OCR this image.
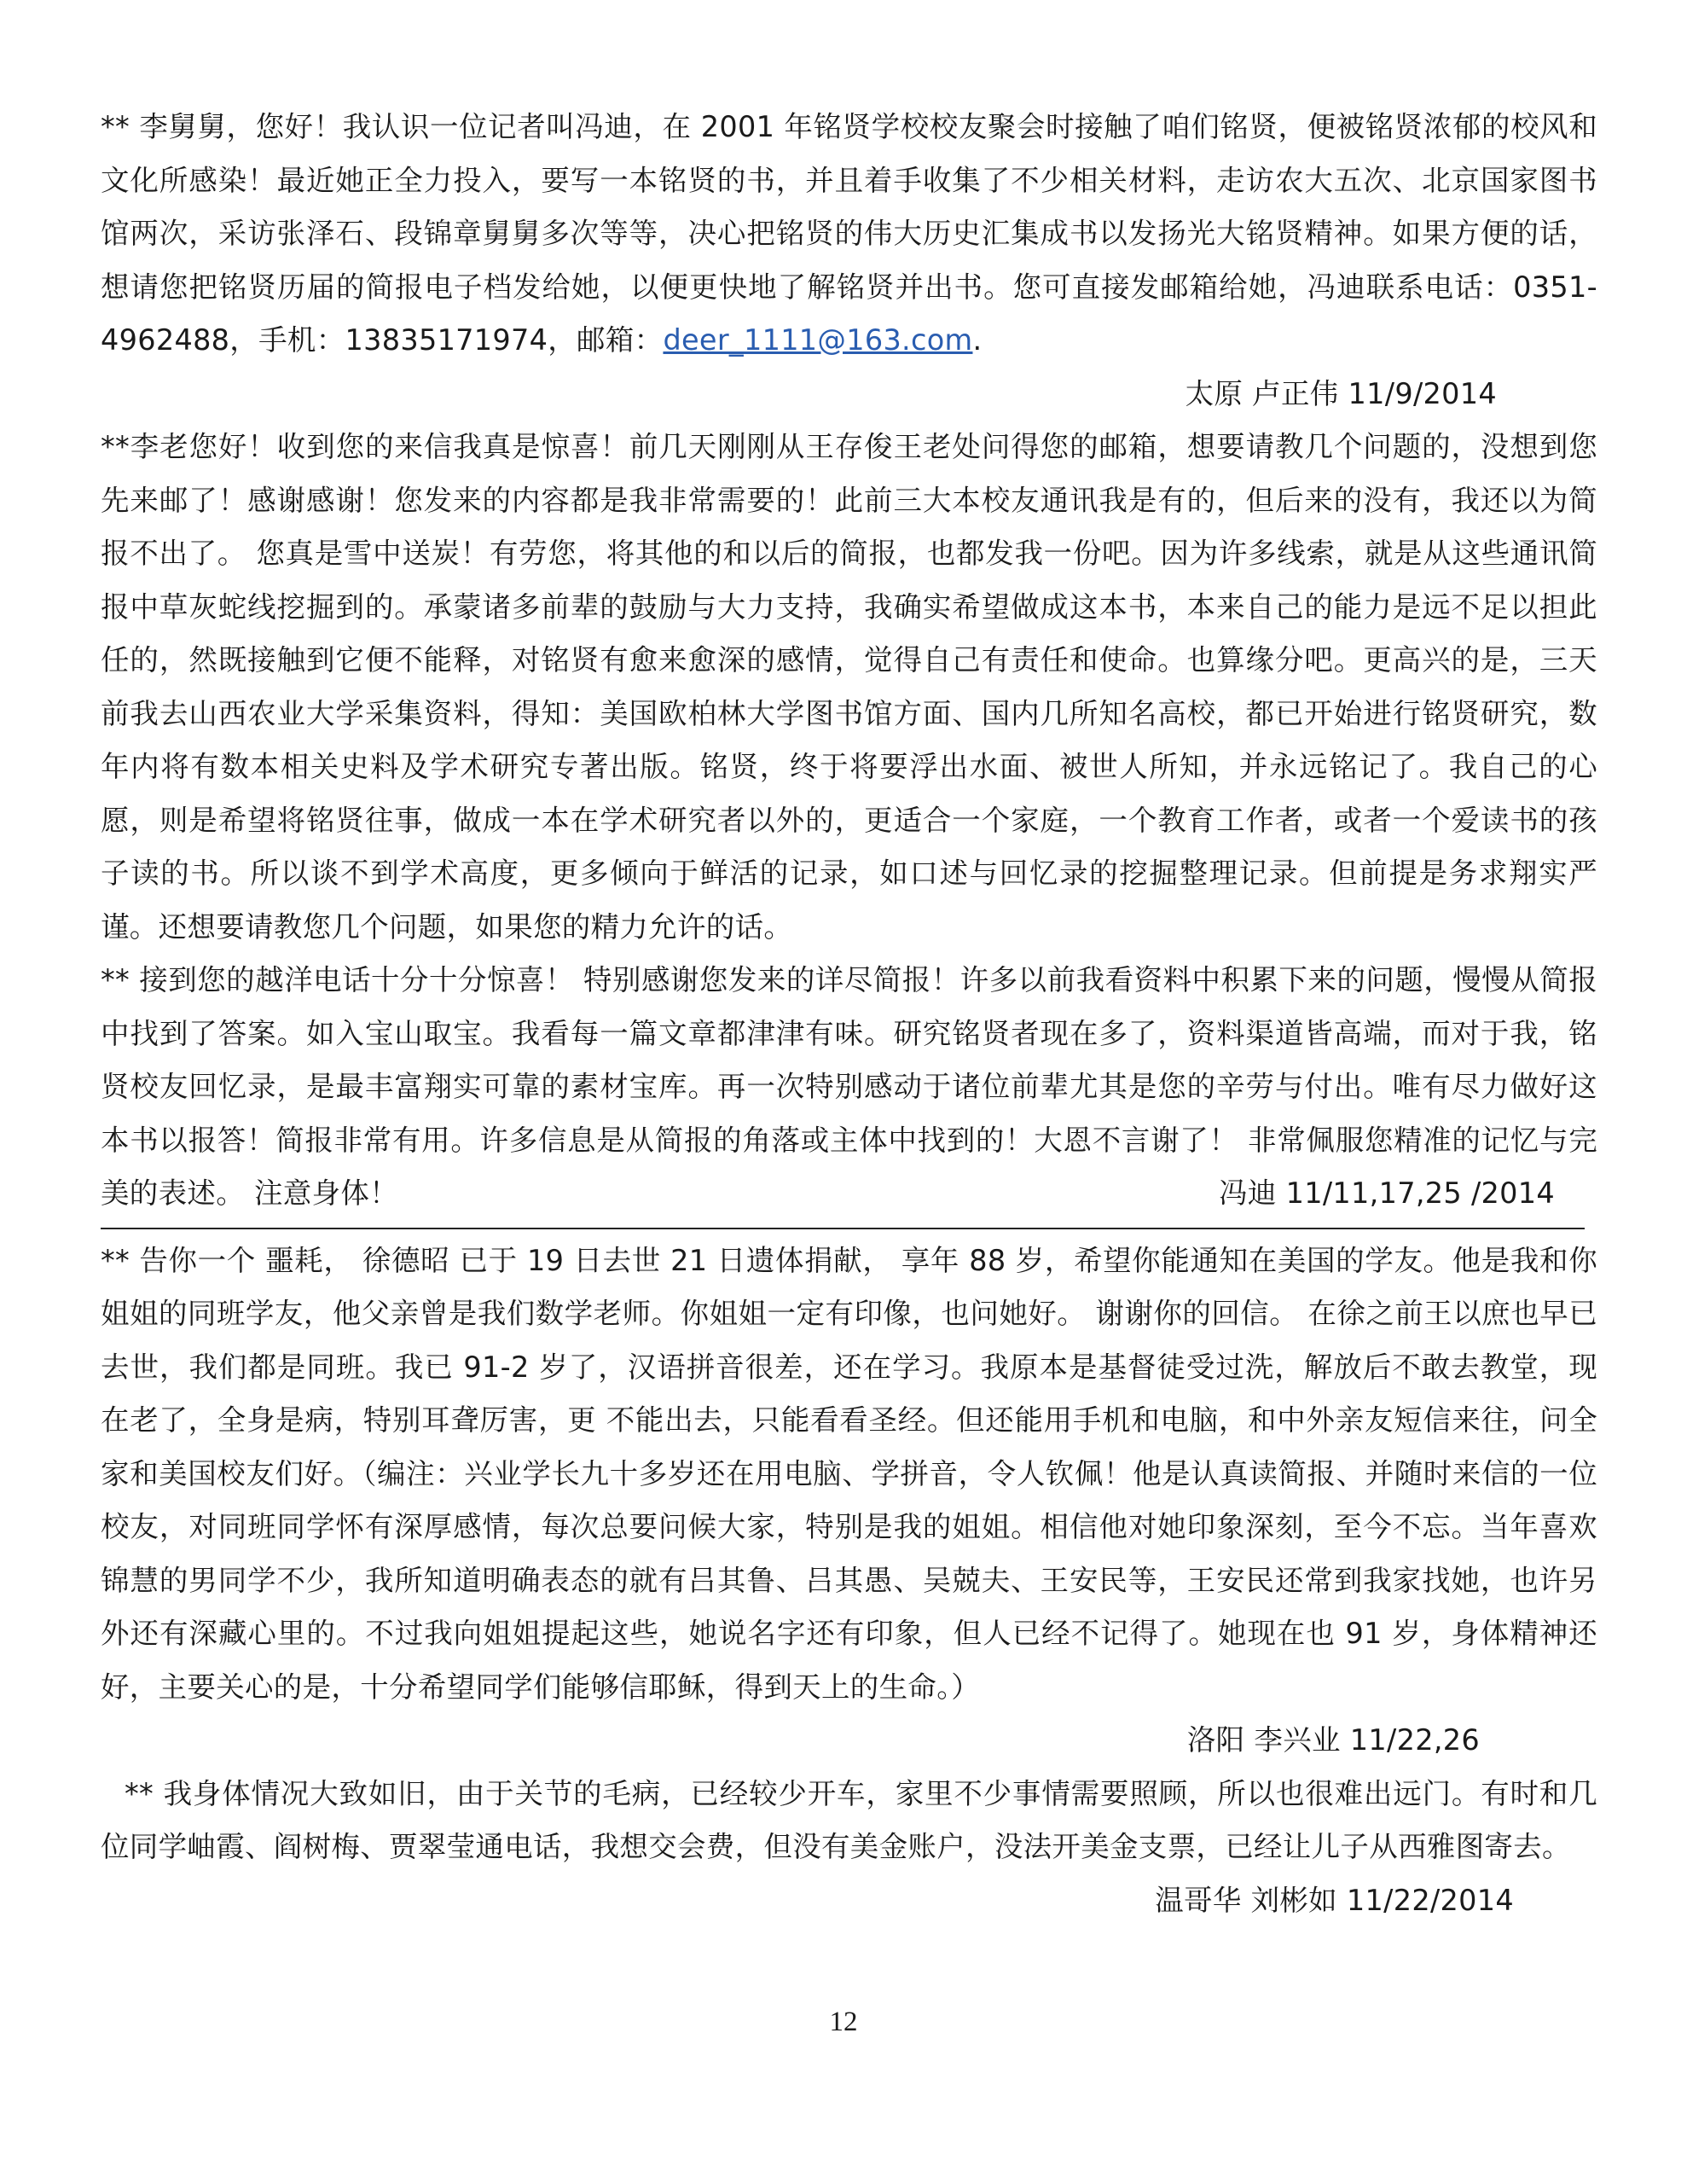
** 李舅舅，您好！我认识一位记者叫冯迪，在 2001 年铭贤学校校友聚会时接触了咱们铭贤，便被铭贤浓郁的校风和文化所感染！最近她正全力投入，要写一本铭贤的书，并且着手收集了不少相关材料，走访农大五次、北京国家图书馆两次，采访张泽石、段锦章舅舅多次等等，决心把铭贤的伟大历史汇集成书以发扬光大铭贤精神。如果方便的话，想请您把铭贤历届的简报电子档发给她，以便更快地了解铭贤并出书。您可直接发邮箱给她，冯迪联系电话：0351-4962488，手机：13835171974，邮箱：deer_1111@163.com.

太原 卢正伟 11/9/2014

**李老您好！收到您的来信我真是惊喜！前几天刚刚从王存俊王老处问得您的邮箱，想要请教几个问题的，没想到您先来邮了！感谢感谢！您发来的内容都是我非常需要的！此前三大本校友通讯我是有的，但后来的没有，我还以为简报不出了。 您真是雪中送炭！有劳您，将其他的和以后的简报，也都发我一份吧。因为许多线索，就是从这些通讯简报中草灰蛇线挖掘到的。承蒙诸多前辈的鼓励与大力支持，我确实希望做成这本书，本来自己的能力是远不足以担此任的，然既接触到它便不能释，对铭贤有愈来愈深的感情，觉得自己有责任和使命。也算缘分吧。更高兴的是，三天前我去山西农业大学采集资料，得知：美国欧柏林大学图书馆方面、国内几所知名高校，都已开始进行铭贤研究，数年内将有数本相关史料及学术研究专著出版。铭贤，终于将要浮出水面、被世人所知，并永远铭记了。我自己的心愿，则是希望将铭贤往事，做成一本在学术研究者以外的，更适合一个家庭，一个教育工作者，或者一个爱读书的孩子读的书。所以谈不到学术高度，更多倾向于鲜活的记录，如口述与回忆录的挖掘整理记录。但前提是务求翔实严谨。还想要请教您几个问题，如果您的精力允许的话。

** 接到您的越洋电话十分十分惊喜！ 特别感谢您发来的详尽简报！许多以前我看资料中积累下来的问题，慢慢从简报中找到了答案。如入宝山取宝。我看每一篇文章都津津有味。研究铭贤者现在多了，资料渠道皆高端，而对于我，铭贤校友回忆录，是最丰富翔实可靠的素材宝库。再一次特别感动于诸位前辈尤其是您的辛劳与付出。唯有尽力做好这本书以报答！简报非常有用。许多信息是从简报的角落或主体中找到的！大恩不言谢了！ 非常佩服您精准的记忆与完美的表述。 注意身体！	冯迪 11/11,17,25 /2014

** 告你一个 噩耗， 徐德昭 已于 19 日去世 21 日遗体捐献， 享年 88 岁，希望你能通知在美国的学友。他是我和你姐姐的同班学友，他父亲曾是我们数学老师。你姐姐一定有印像，也问她好。 谢谢你的回信。 在徐之前王以庶也早已去世，我们都是同班。我已 91-2 岁了，汉语拼音很差，还在学习。我原本是基督徒受过洗，解放后不敢去教堂，现在老了，全身是病，特别耳聋厉害，更 不能出去，只能看看圣经。但还能用手机和电脑，和中外亲友短信来往，问全家和美国校友们好。（编注：兴业学长九十多岁还在用电脑、学拼音，令人钦佩！他是认真读简报、并随时来信的一位校友，对同班同学怀有深厚感情，每次总要问候大家，特别是我的姐姐。相信他对她印象深刻，至今不忘。当年喜欢锦慧的男同学不少，我所知道明确表态的就有吕其鲁、吕其愚、吴兢夫、王安民等，王安民还常到我家找她，也许另外还有深藏心里的。不过我向姐姐提起这些，她说名字还有印象，但人已经不记得了。她现在也 91 岁，身体精神还好，主要关心的是，十分希望同学们能够信耶稣，得到天上的生命。）

洛阳 李兴业 11/22,26

** 我身体情况大致如旧，由于关节的毛病，已经较少开车，家里不少事情需要照顾，所以也很难出远门。有时和几位同学岫霞、阎树梅、贾翠莹通电话，我想交会费，但没有美金账户，没法开美金支票，已经让儿子从西雅图寄去。

温哥华 刘彬如 11/22/2014

12
